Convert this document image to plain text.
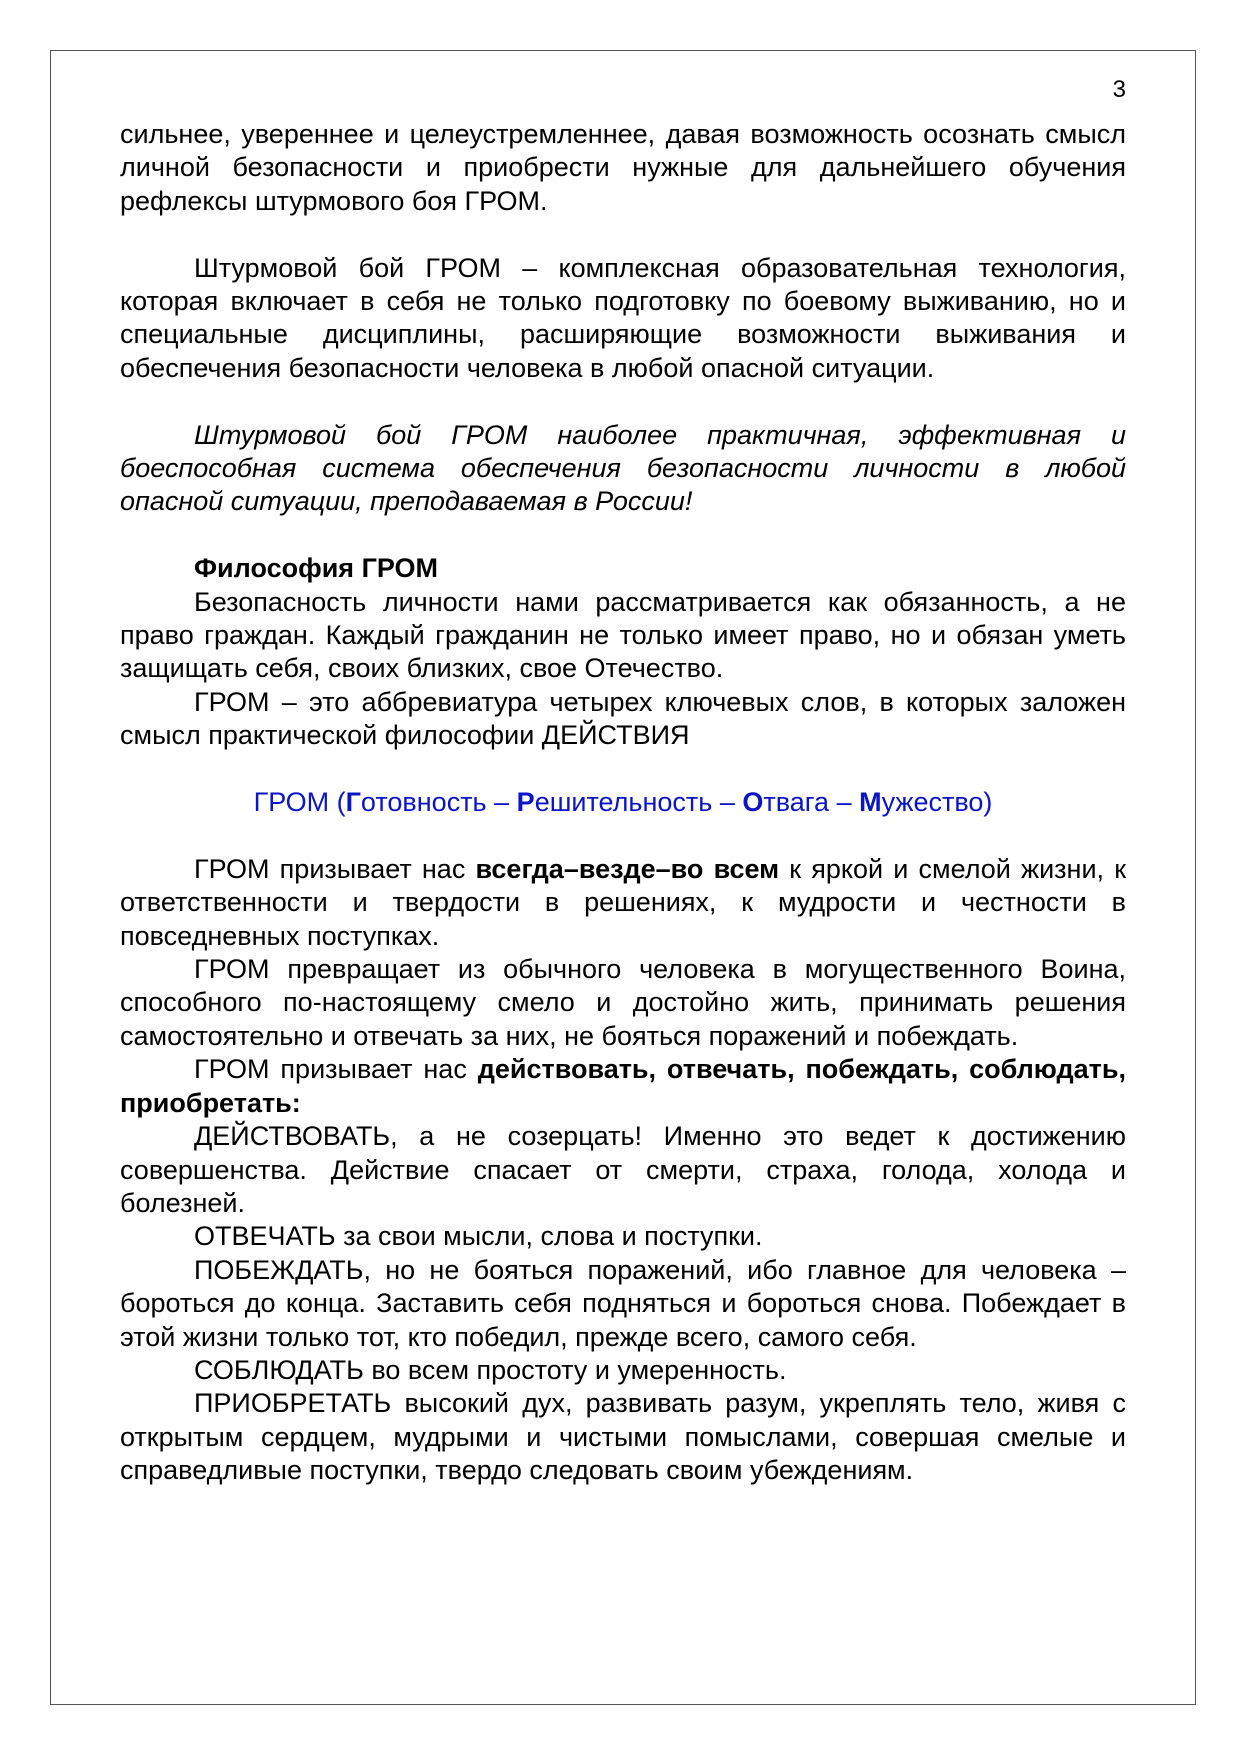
3

сильнее, увереннее и целеустремленнее, давая возможность осознать смысл личной безопасности и приобрести нужные для дальнейшего обучения рефлексы штурмового боя ГРОМ.

Штурмовой бой ГРОМ – комплексная образовательная технология, которая включает в себя не только подготовку по боевому выживанию, но и специальные дисциплины, расширяющие возможности выживания и обеспечения безопасности человека в любой опасной ситуации.

Штурмовой бой ГРОМ наиболее практичная, эффективная и боеспособная система обеспечения безопасности личности в любой опасной ситуации, преподаваемая в России!

Философия ГРОМ

Безопасность личности нами рассматривается как обязанность, а не право граждан. Каждый гражданин не только имеет право, но и обязан уметь защищать себя, своих близких, свое Отечество.

ГРОМ – это аббревиатура четырех ключевых слов, в которых заложен смысл практической философии ДЕЙСТВИЯ

ГРОМ (Готовность – Решительность – Отвага – Мужество)

ГРОМ призывает нас всегда–везде–во всем к яркой и смелой жизни, к ответственности и твердости в решениях, к мудрости и честности в повседневных поступках.

ГРОМ превращает из обычного человека в могущественного Воина, способного по-настоящему смело и достойно жить, принимать решения самостоятельно и отвечать за них, не бояться поражений и побеждать.

ГРОМ призывает нас действовать, отвечать, побеждать, соблюдать, приобретать:

ДЕЙСТВОВАТЬ, а не созерцать! Именно это ведет к достижению совершенства. Действие спасает от смерти, страха, голода, холода и болезней.

ОТВЕЧАТЬ за свои мысли, слова и поступки.

ПОБЕЖДАТЬ, но не бояться поражений, ибо главное для человека – бороться до конца. Заставить себя подняться и бороться снова. Побеждает в этой жизни только тот, кто победил, прежде всего, самого себя.

СОБЛЮДАТЬ во всем простоту и умеренность.

ПРИОБРЕТАТЬ высокий дух, развивать разум, укреплять тело, живя с открытым сердцем, мудрыми и чистыми помыслами, совершая смелые и справедливые поступки, твердо следовать своим убеждениям.
